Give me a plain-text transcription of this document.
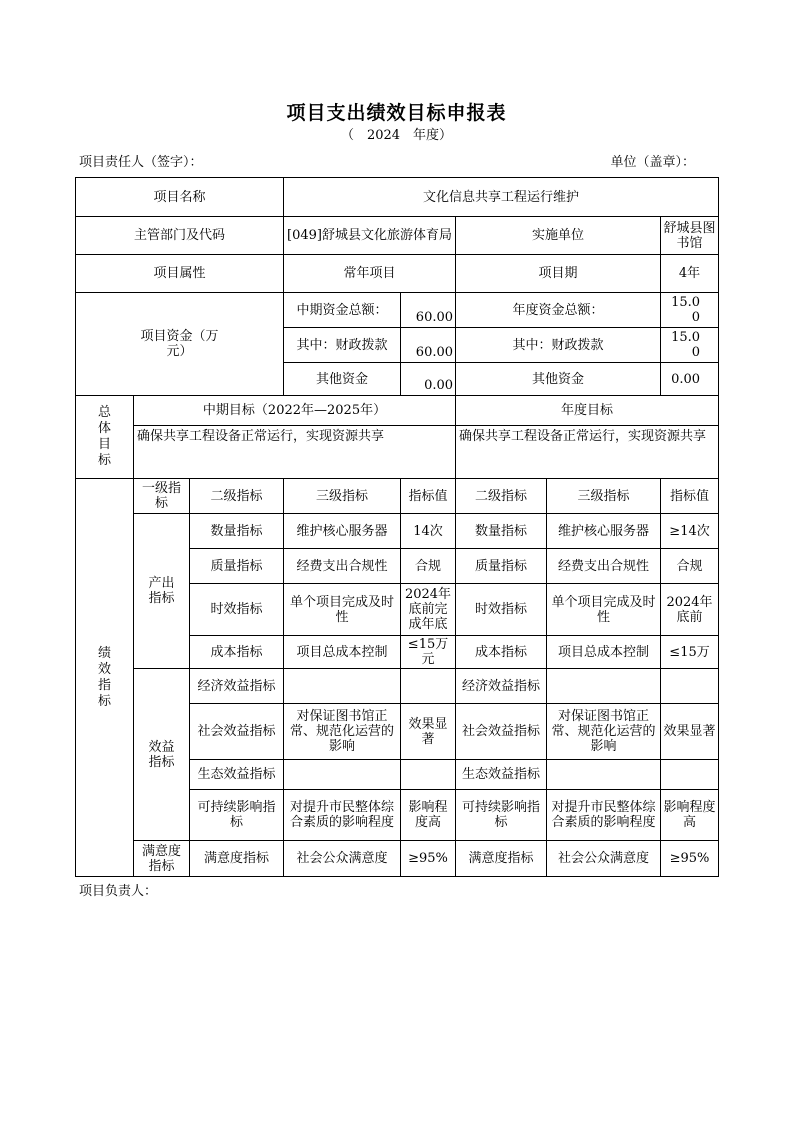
项目支出绩效目标申报表
（　2024　年度）
项目责任人（签字）：	单位（盖章）：
项目名称			文化信息共享工程运行维护				
主管部门及代码			[049]舒城县文化旅游体育局		实施单位		舒城县图书馆
项目属性			常年项目		项目期		4年
项目资金（万元）			中期资金总额：	60.00	年度资金总额：		15.00
			其中：财政拨款	60.00	其中：财政拨款		15.00
			其他资金	0.00	其他资金		0.00
总体目标	中期目标（2022年—2025年）				年度目标		
	确保共享工程设备正常运行，实现资源共享				确保共享工程设备正常运行，实现资源共享		
绩效指标	一级指标	二级指标	三级指标	指标值	二级指标	三级指标	指标值
	产出指标	数量指标	维护核心服务器	14次	数量指标	维护核心服务器	≥14次
		质量指标	经费支出合规性	合规	质量指标	经费支出合规性	合规
		时效指标	单个项目完成及时性	2024年底前完成年底	时效指标	单个项目完成及时性	2024年底前
		成本指标	项目总成本控制	≤15万元	成本指标	项目总成本控制	≤15万
	效益指标	经济效益指标			经济效益指标		
		社会效益指标	对保证图书馆正常、规范化运营的影响	效果显著	社会效益指标	对保证图书馆正常、规范化运营的影响	效果显著
		生态效益指标			生态效益指标		
		可持续影响指标	对提升市民整体综合素质的影响程度	影响程度高	可持续影响指标	对提升市民整体综合素质的影响程度	影响程度高
	满意度指标	满意度指标	社会公众满意度	≥95%	满意度指标	社会公众满意度	≥95%
项目负责人：
